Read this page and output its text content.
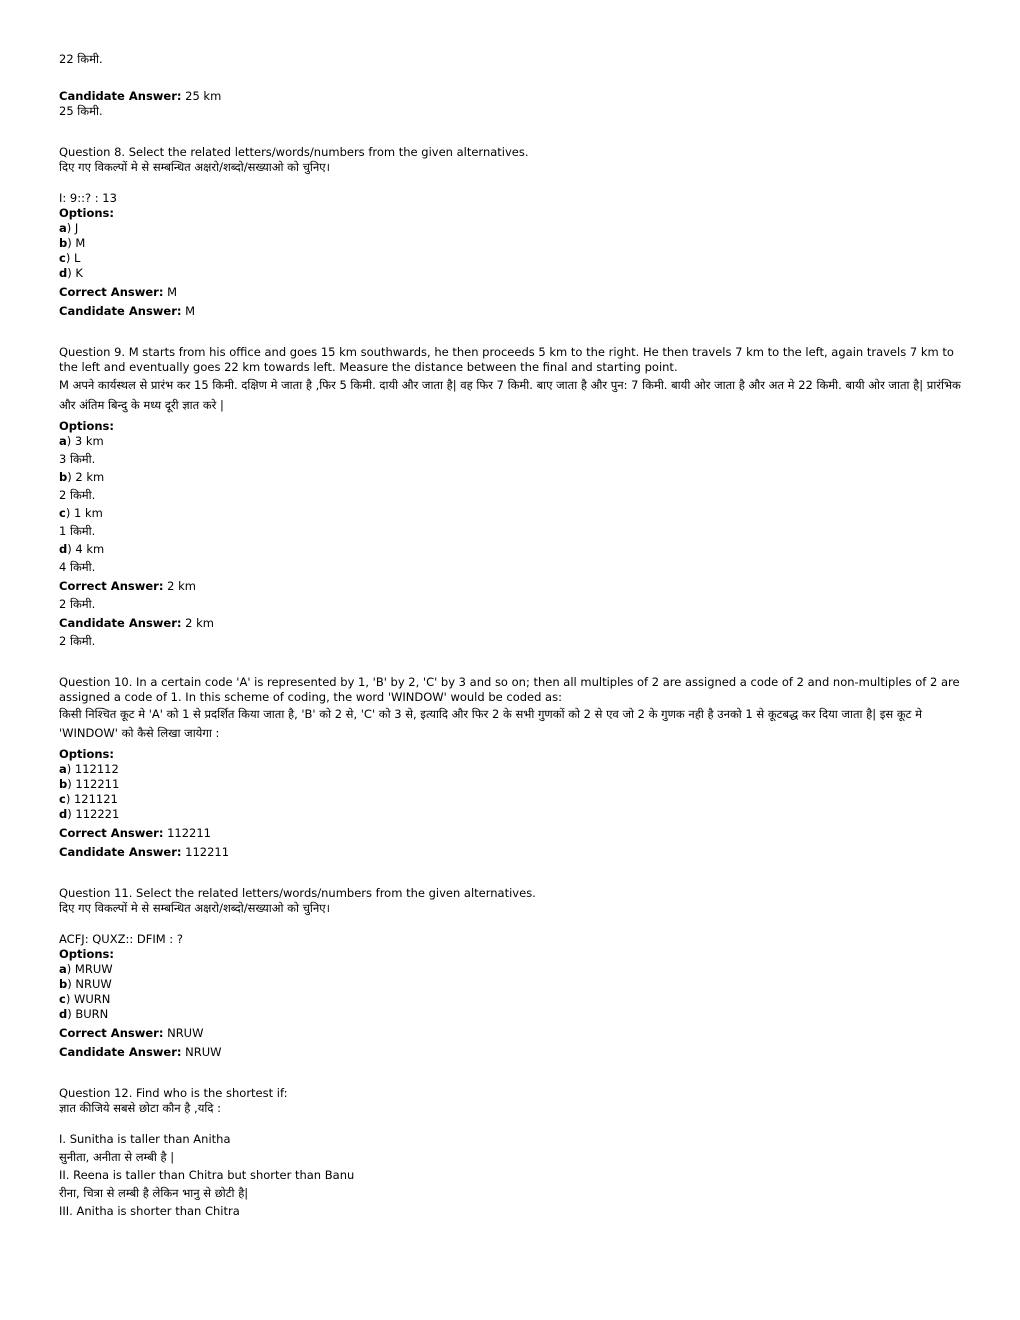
22 किमी.
Candidate Answer: 25 km
25 किमी.
Question 8. Select the related letters/words/numbers from the given alternatives.
दिए गए विकल्पों मे से सम्बन्धित अक्षरो/शब्दो/सख्याओ को चुनिए।
I: 9::? : 13
Options:
a) J
b) M
c) L
d) K
Correct Answer: M
Candidate Answer: M
Question 9. M starts from his office and goes 15 km southwards, he then proceeds 5 km to the right. He then travels 7 km to the left, again travels 7 km to the left and eventually goes 22 km towards left. Measure the distance between the final and starting point.
M अपने कार्यस्थल से प्रारंभ कर 15 किमी. दक्षिण मे जाता है ,फिर 5 किमी. दायी और जाता है| वह फिर 7 किमी. बाए जाता है और पुन: 7 किमी. बायी ओर जाता है और अत मे 22 किमी. बायी ओर जाता है| प्रारंभिक और अंतिम बिन्दु के मध्य दूरी ज्ञात करे |
Options:
a) 3 km
3 किमी.
b) 2 km
2 किमी.
c) 1 km
1 किमी.
d) 4 km
4 किमी.
Correct Answer: 2 km
2 किमी.
Candidate Answer: 2 km
2 किमी.
Question 10. In a certain code 'A' is represented by 1, 'B' by 2, 'C' by 3 and so on; then all multiples of 2 are assigned a code of 2 and non-multiples of 2 are assigned a code of 1. In this scheme of coding, the word 'WINDOW' would be coded as:
किसी निश्चित कूट मे 'A' को 1 से प्रदर्शित किया जाता है, 'B' को 2 से, 'C' को 3 से, इत्यादि और फिर 2 के सभी गुणकों को 2 से एव जो 2 के गुणक नही है उनको 1 से कूटबद्ध कर दिया जाता है| इस कूट मे 'WINDOW' को कैसे लिखा जायेगा :
Options:
a) 112112
b) 112211
c) 121121
d) 112221
Correct Answer: 112211
Candidate Answer: 112211
Question 11. Select the related letters/words/numbers from the given alternatives.
दिए गए विकल्पों मे से सम्बन्धित अक्षरो/शब्दो/सख्याओ को चुनिए।
ACFJ: QUXZ:: DFIM : ?
Options:
a) MRUW
b) NRUW
c) WURN
d) BURN
Correct Answer: NRUW
Candidate Answer: NRUW
Question 12. Find who is the shortest if:
ज्ञात कीजिये सबसे छोटा कौन है ,यदि :
I. Sunitha is taller than Anitha
सुनीता, अनीता से लम्बी है |
II. Reena is taller than Chitra but shorter than Banu
रीना, चित्रा से लम्बी है लेकिन भानु से छोटी है|
III. Anitha is shorter than Chitra
